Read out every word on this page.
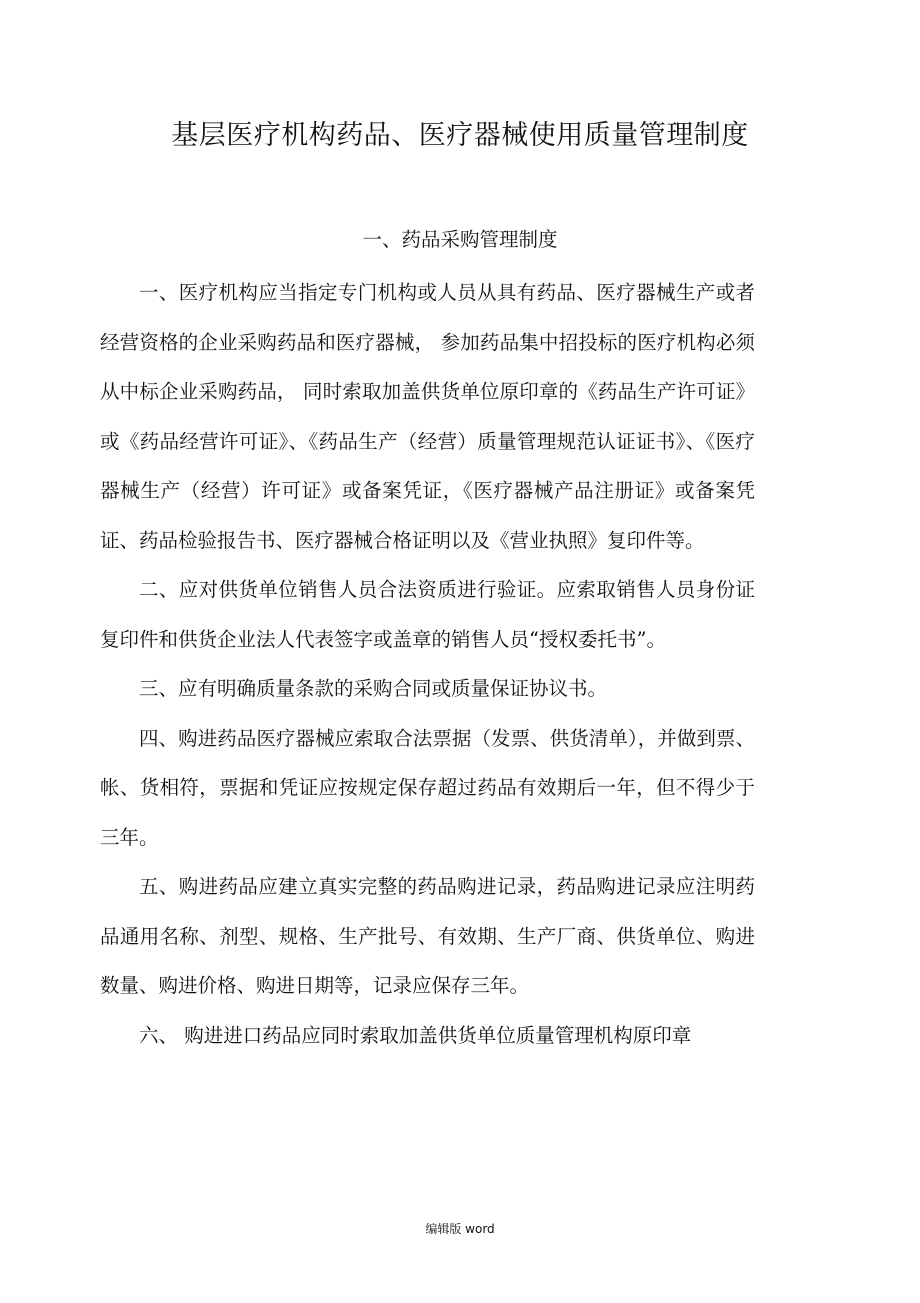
基层医疗机构药品、医疗器械使用质量管理制度
一、药品采购管理制度

一、医疗机构应当指定专门机构或人员从具有药品、医疗器械生产或者经营资格的企业采购药品和医疗器械， 参加药品集中招投标的医疗机构必须从中标企业采购药品， 同时索取加盖供货单位原印章的《药品生产许可证》或《药品经营许可证》、《药品生产（经营）质量管理规范认证证书》、《医疗器械生产（经营）许可证》或备案凭证，《医疗器械产品注册证》或备案凭证、药品检验报告书、医疗器械合格证明以及《营业执照》复印件等。

二、应对供货单位销售人员合法资质进行验证。应索取销售人员身份证复印件和供货企业法人代表签字或盖章的销售人员“授权委托书”。

三、应有明确质量条款的采购合同或质量保证协议书。

四、购进药品医疗器械应索取合法票据（发票、供货清单），并做到票、帐、货相符，票据和凭证应按规定保存超过药品有效期后一年，但不得少于三年。

五、购进药品应建立真实完整的药品购进记录，药品购进记录应注明药品通用名称、剂型、规格、生产批号、有效期、生产厂商、供货单位、购进数量、购进价格、购进日期等，记录应保存三年。

六、 购进进口药品应同时索取加盖供货单位质量管理机构原印章

编辑版 word
